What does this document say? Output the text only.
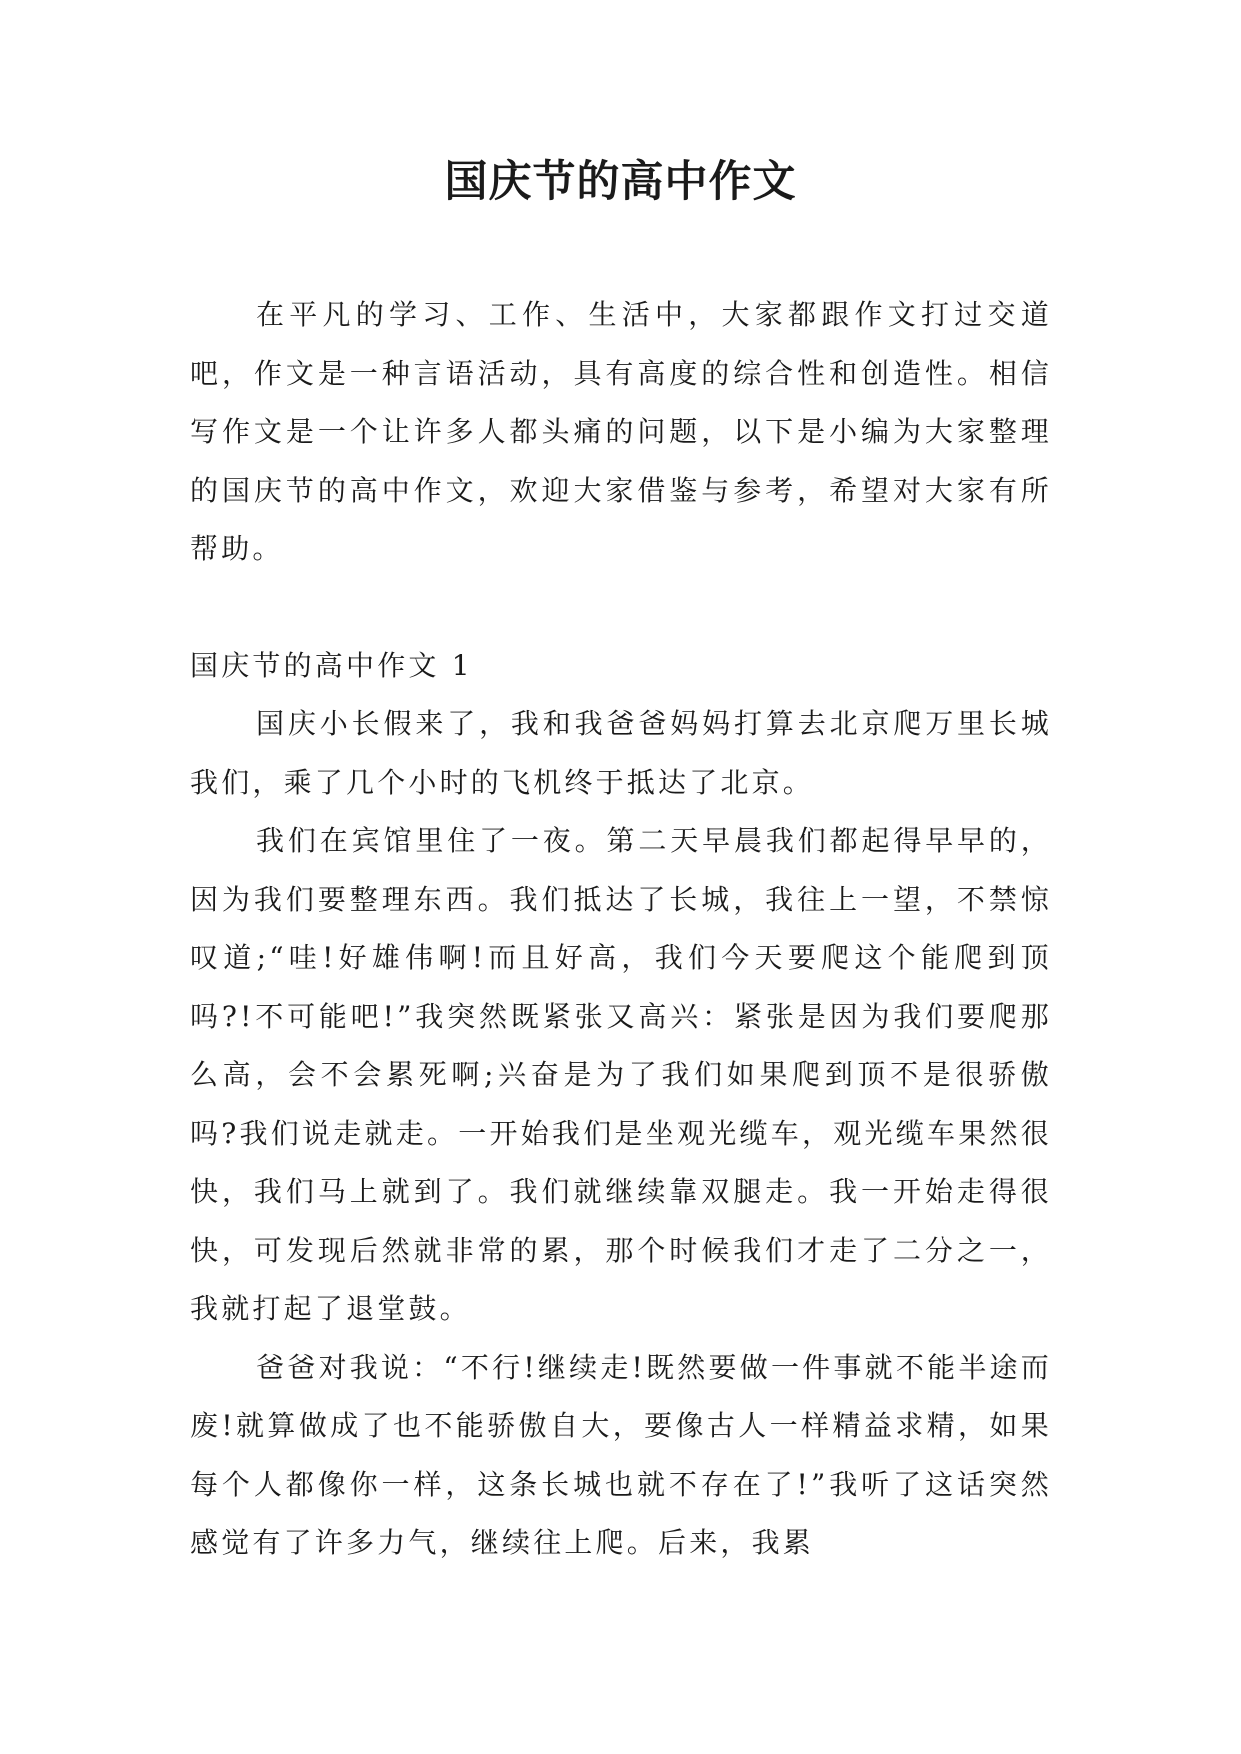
国庆节的高中作文

在平凡的学习、工作、生活中，大家都跟作文打过交道吧，作文是一种言语活动，具有高度的综合性和创造性。相信写作文是一个让许多人都头痛的问题，以下是小编为大家整理的国庆节的高中作文，欢迎大家借鉴与参考，希望对大家有所帮助。

国庆节的高中作文 1

国庆小长假来了，我和我爸爸妈妈打算去北京爬万里长城我们，乘了几个小时的飞机终于抵达了北京。

我们在宾馆里住了一夜。第二天早晨我们都起得早早的，因为我们要整理东西。我们抵达了长城，我往上一望，不禁惊叹道;“哇!好雄伟啊!而且好高，我们今天要爬这个能爬到顶吗?!不可能吧!”我突然既紧张又高兴：紧张是因为我们要爬那么高，会不会累死啊;兴奋是为了我们如果爬到顶不是很骄傲吗?我们说走就走。一开始我们是坐观光缆车，观光缆车果然很快，我们马上就到了。我们就继续靠双腿走。我一开始走得很快，可发现后然就非常的累，那个时候我们才走了二分之一，我就打起了退堂鼓。

爸爸对我说：“不行!继续走!既然要做一件事就不能半途而废!就算做成了也不能骄傲自大，要像古人一样精益求精，如果每个人都像你一样，这条长城也就不存在了!”我听了这话突然感觉有了许多力气，继续往上爬。后来，我累
